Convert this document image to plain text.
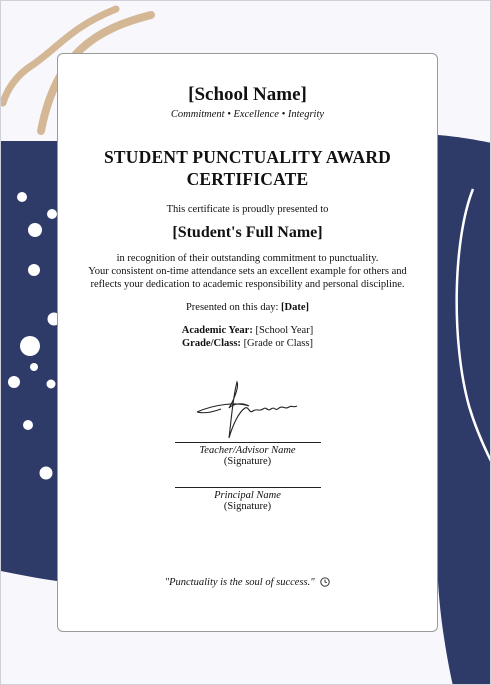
[School Name]
Commitment • Excellence • Integrity
STUDENT PUNCTUALITY AWARD
CERTIFICATE
This certificate is proudly presented to
[Student's Full Name]
in recognition of their outstanding commitment to punctuality.
Your consistent on-time attendance sets an excellent example for others and
reflects your dedication to academic responsibility and personal discipline.
Presented on this day: [Date]
Academic Year: [School Year]
Grade/Class: [Grade or Class]
Teacher/Advisor Name
(Signature)
Principal Name
(Signature)
"Punctuality is the soul of success."
